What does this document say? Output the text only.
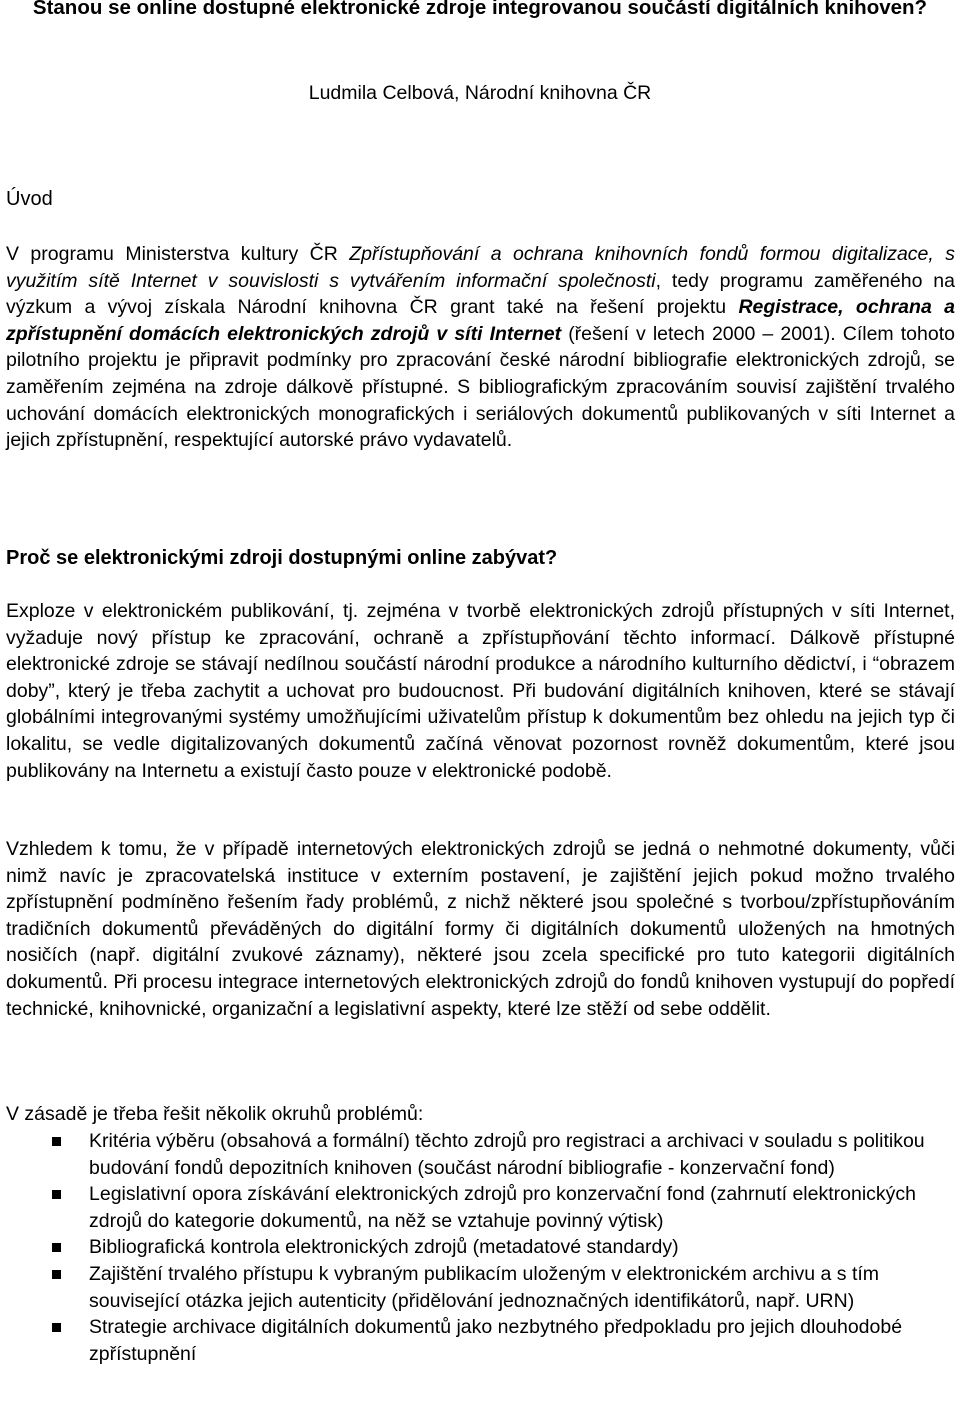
Stanou se online dostupné elektronické zdroje integrovanou součástí digitálních knihoven?
Ludmila Celbová, Národní knihovna ČR
Úvod

V programu Ministerstva kultury ČR Zpřístupňování a ochrana knihovních fondů formou digitalizace, s využitím sítě Internet v souvislosti s vytvářením informační společnosti, tedy programu zaměřeného na výzkum a vývoj získala Národní knihovna ČR grant také na řešení projektu Registrace, ochrana a zpřístupnění domácích elektronických zdrojů v síti Internet (řešení v letech 2000 – 2001). Cílem tohoto pilotního projektu je připravit podmínky pro zpracování české národní bibliografie elektronických zdrojů, se zaměřením zejména na zdroje dálkově přístupné. S bibliografickým zpracováním souvisí zajištění trvalého uchování domácích elektronických monografických i seriálových dokumentů publikovaných v síti Internet a jejich zpřístupnění, respektující autorské právo vydavatelů.

Proč se elektronickými zdroji dostupnými online zabývat?

Exploze v elektronickém publikování, tj. zejména v tvorbě elektronických zdrojů přístupných v síti Internet, vyžaduje nový přístup ke zpracování, ochraně a zpřístupňování těchto informací. Dálkově přístupné elektronické zdroje se stávají nedílnou součástí národní produkce a národního kulturního dědictví, i “obrazem doby”, který je třeba zachytit a uchovat pro budoucnost. Při budování digitálních knihoven, které se stávají globálními integrovanými systémy umožňujícími uživatelům přístup k dokumentům bez ohledu na jejich typ či lokalitu, se vedle digitalizovaných dokumentů začíná věnovat pozornost rovněž dokumentům, které jsou publikovány na Internetu a existují často pouze v elektronické podobě.

Vzhledem k tomu, že v případě internetových elektronických zdrojů se jedná o nehmotné dokumenty, vůči nimž navíc je zpracovatelská instituce v externím postavení, je zajištění jejich pokud možno trvalého zpřístupnění podmíněno řešením řady problémů, z nichž některé jsou společné s tvorbou/zpřístupňováním tradičních dokumentů převáděných do digitální formy či digitálních dokumentů uložených na hmotných nosičích (např. digitální zvukové záznamy), některé jsou zcela specifické pro tuto kategorii digitálních dokumentů. Při procesu integrace internetových elektronických zdrojů do fondů knihoven vystupují do popředí technické, knihovnické, organizační a legislativní aspekty, které lze stěží od sebe oddělit.

V zásadě je třeba řešit několik okruhů problémů:

Kritéria výběru (obsahová a formální) těchto zdrojů pro registraci a archivaci v souladu s politikou budování fondů depozitních knihoven (součást národní bibliografie - konzervační fond)
Legislativní opora získávání elektronických zdrojů pro konzervační fond (zahrnutí elektronických zdrojů do kategorie dokumentů, na něž se vztahuje povinný výtisk)
Bibliografická kontrola elektronických zdrojů (metadatové standardy)
Zajištění trvalého přístupu k vybraným publikacím uloženým v elektronickém archivu a s tím související otázka jejich autenticity (přidělování jednoznačných identifikátorů, např. URN)
Strategie archivace digitálních dokumentů jako nezbytného předpokladu pro jejich dlouhodobé zpřístupnění
